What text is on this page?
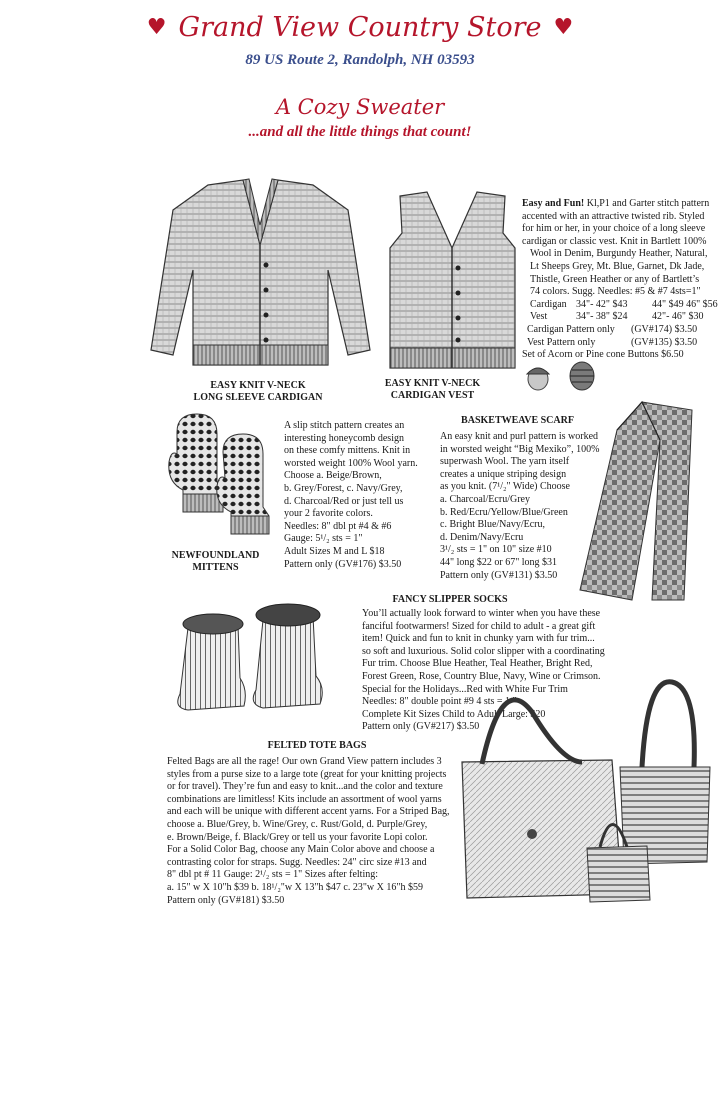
♥ Grand View Country Store ♥
89 US Route 2, Randolph, NH 03593
A Cozy Sweater
...and all the little things that count!
Easy and Fun! Kl,P1 and Garter stitch pattern
accented with an attractive twisted rib. Styled
for him or her, in your choice of a long sleeve
cardigan or classic vest. Knit in Bartlett 100%
Wool in Denim, Burgundy Heather, Natural,
Lt Sheeps Grey, Mt. Blue, Garnet, Dk Jade,
Thistle, Green Heather or any of Bartlett’s
74 colors. Sugg. Needles: #5 & #7 4sts=1"
Cardigan 34"- 42" $43	44" $49 46" $56
Vest	34"- 38" $24	42"- 46" $30
Cardigan Pattern only	(GV#174) $3.50
Vest Pattern only	(GV#135) $3.50
Set of Acorn or Pine cone Buttons $6.50
EASY KNIT V-NECK
LONG SLEEVE CARDIGAN
EASY KNIT V-NECK
CARDIGAN VEST
NEWFOUNDLAND
MITTENS
A slip stitch pattern creates an
interesting honeycomb design
on these comfy mittens. Knit in
worsted weight 100% Wool yarn.
Choose a. Beige/Brown,
b. Grey/Forest, c. Navy/Grey,
d. Charcoal/Red or just tell us
your 2 favorite colors.
Needles: 8" dbl pt #4 & #6
Gauge: 5¹/₂ sts = 1"
Adult Sizes M and L $18
Pattern only (GV#176) $3.50
BASKETWEAVE SCARF
An easy knit and purl pattern is worked
in worsted weight “Big Mexiko”, 100%
superwash Wool. The yarn itself
creates a unique striping design
as you knit. (7¹/₂" Wide) Choose
a. Charcoal/Ecru/Grey
b. Red/Ecru/Yellow/Blue/Green
c. Bright Blue/Navy/Ecru,
d. Denim/Navy/Ecru
3¹/₂ sts = 1" on 10" size #10
44" long $22 or 67" long $31
Pattern only (GV#131) $3.50
FANCY SLIPPER SOCKS
You’ll actually look forward to winter when you have these
fanciful footwarmers! Sized for child to adult - a great gift
item! Quick and fun to knit in chunky yarn with fur trim...
so soft and luxurious. Solid color slipper with a coordinating
Fur trim. Choose Blue Heather, Teal Heather, Bright Red,
Forest Green, Rose, Country Blue, Navy, Wine or Crimson.
Special for the Holidays...Red with White Fur Trim
Needles: 8" double point #9 4 sts = 1 "
Complete Kit Sizes Child to Adult Large: $20
Pattern only (GV#217) $3.50
FELTED TOTE BAGS
Felted Bags are all the rage! Our own Grand View pattern includes 3
styles from a purse size to a large tote (great for your knitting projects
or for travel). They’re fun and easy to knit...and the color and texture
combinations are limitless! Kits include an assortment of wool yarns
and each will be unique with different accent yarns. For a Striped Bag,
choose a. Blue/Grey, b. Wine/Grey, c. Rust/Gold, d. Purple/Grey,
e. Brown/Beige, f. Black/Grey or tell us your favorite Lopi color.
For a Solid Color Bag, choose any Main Color above and choose a
contrasting color for straps. Sugg. Needles: 24" circ size #13 and
8" dbl pt # 11 Gauge: 2¹/₂ sts = 1" Sizes after felting:
a. 15" w X 10"h $39 b. 18¹/₂"w X 13"h $47 c. 23"w X 16"h $59
Pattern only (GV#181) $3.50
